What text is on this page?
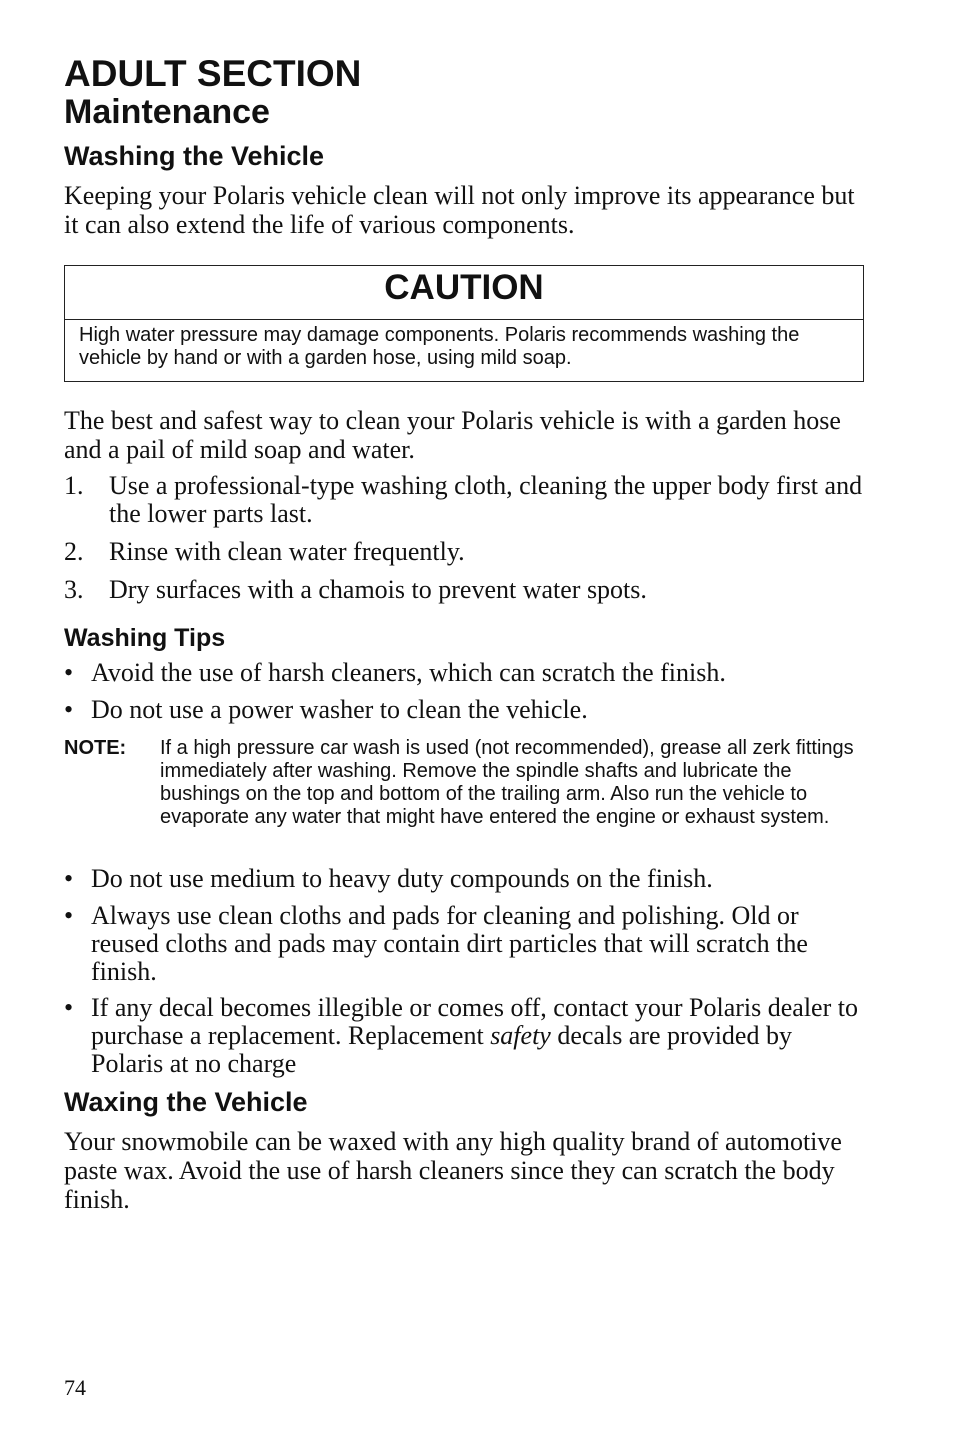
ADULT SECTION
Maintenance
Washing the Vehicle

Keeping your Polaris vehicle clean will not only improve its appearance but it can also extend the life of various components.

CAUTION
High water pressure may damage components. Polaris recommends washing the vehicle by hand or with a garden hose, using mild soap.

The best and safest way to clean your Polaris vehicle is with a garden hose and a pail of mild soap and water.

1. Use a professional-type washing cloth, cleaning the upper body first and the lower parts last.
2. Rinse with clean water frequently.
3. Dry surfaces with a chamois to prevent water spots.
Washing Tips
• Avoid the use of harsh cleaners, which can scratch the finish.
• Do not use a power washer to clean the vehicle.
NOTE: If a high pressure car wash is used (not recommended), grease all zerk fittings immediately after washing. Remove the spindle shafts and lubricate the bushings on the top and bottom of the trailing arm. Also run the vehicle to evaporate any water that might have entered the engine or exhaust system.
• Do not use medium to heavy duty compounds on the finish.
• Always use clean cloths and pads for cleaning and polishing. Old or reused cloths and pads may contain dirt particles that will scratch the finish.
• If any decal becomes illegible or comes off, contact your Polaris dealer to purchase a replacement. Replacement safety decals are provided by Polaris at no charge
Waxing the Vehicle

Your snowmobile can be waxed with any high quality brand of automotive paste wax. Avoid the use of harsh cleaners since they can scratch the body finish.

74
